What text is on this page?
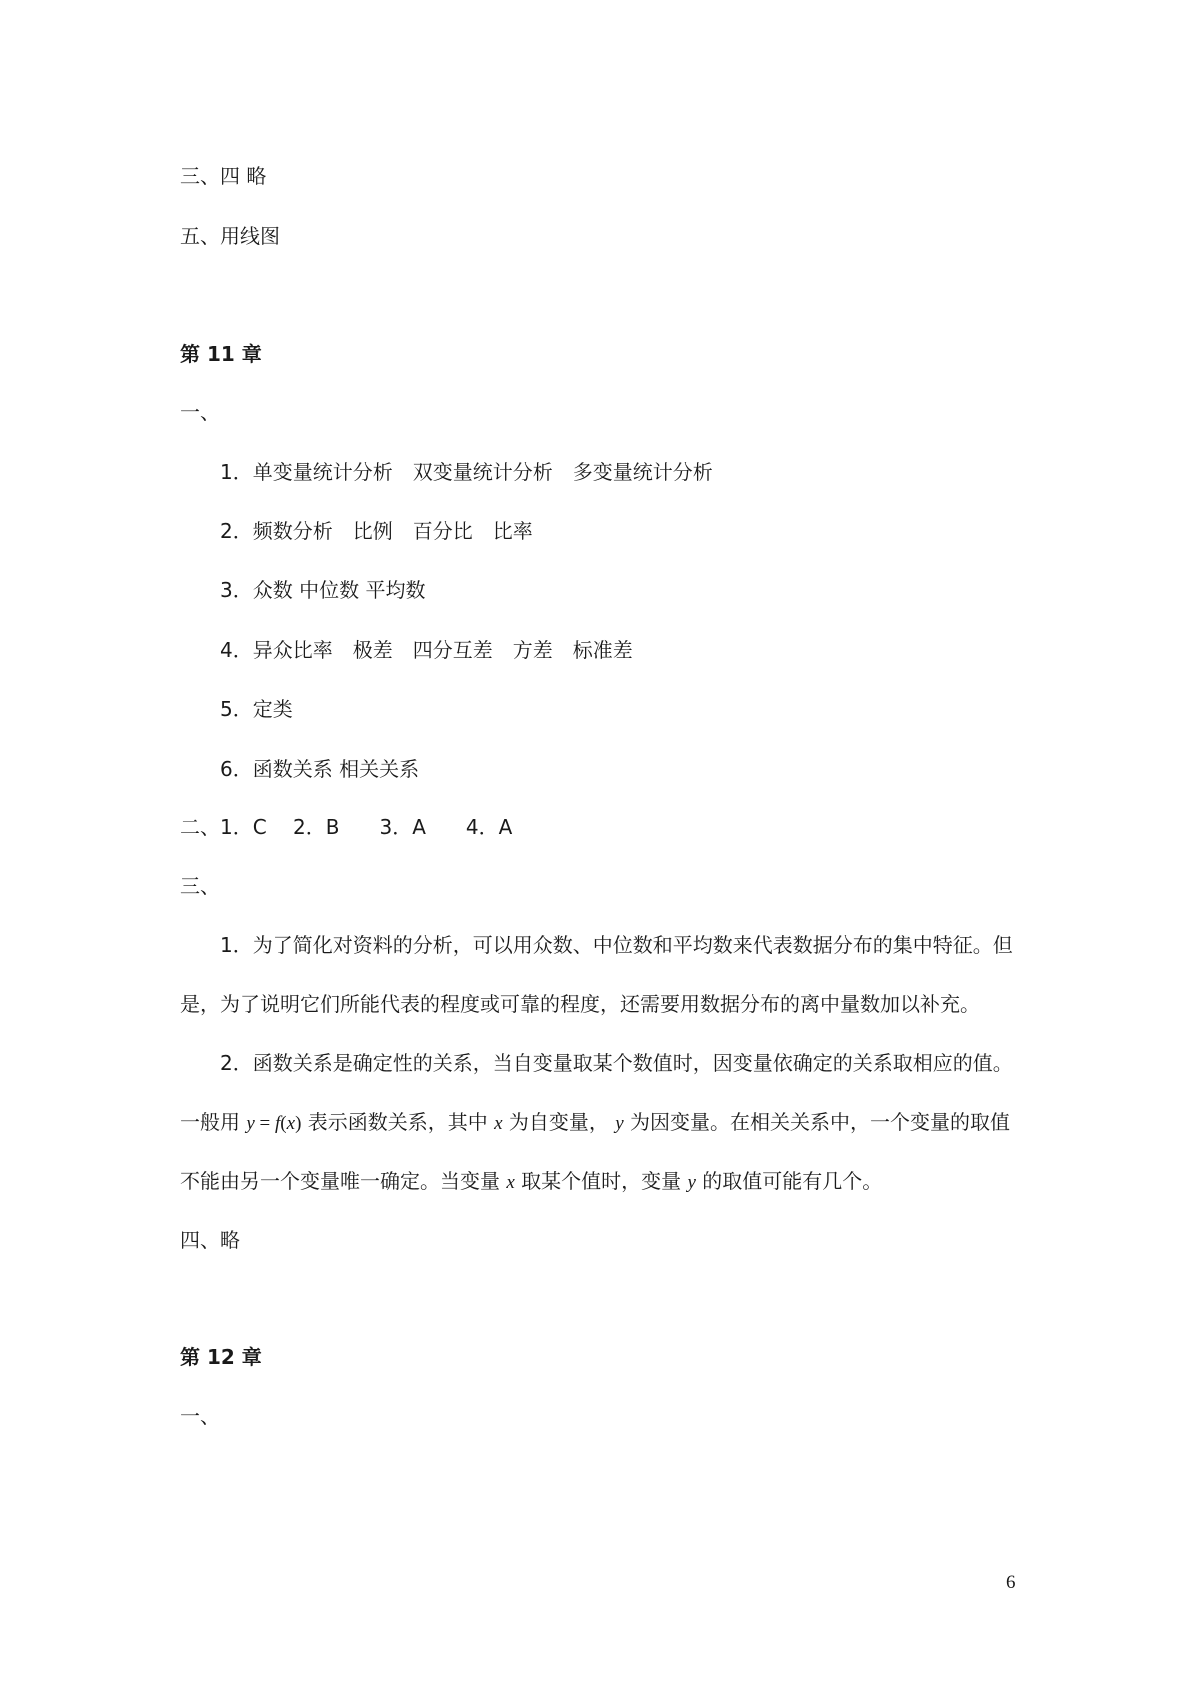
三、四 略
五、用线图
第 11 章
一、
1．单变量统计分析　双变量统计分析　多变量统计分析
2．频数分析　比例　百分比　比率
3．众数 中位数 平均数
4．异众比率　极差　四分互差　方差　标准差
5．定类
6．函数关系 相关关系
二、1．C　 2．B　　3．A　　4．A
三、
1．为了简化对资料的分析，可以用众数、中位数和平均数来代表数据分布的集中特征。但
是，为了说明它们所能代表的程度或可靠的程度，还需要用数据分布的离中量数加以补充。
2．函数关系是确定性的关系，当自变量取某个数值时，因变量依确定的关系取相应的值。
一般用 y = f(x) 表示函数关系，其中 x 为自变量， y 为因变量。在相关关系中，一个变量的取值
不能由另一个变量唯一确定。当变量 x 取某个值时，变量 y 的取值可能有几个。
四、略
第 12 章
一、
6
